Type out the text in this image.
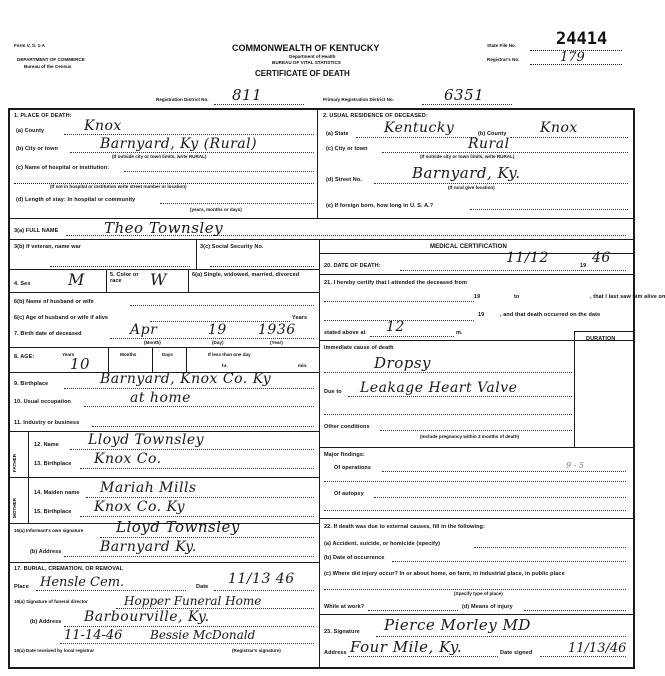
Form V. S. 1-A
DEPARTMENT OF COMMERCE
Bureau of the Census
COMMONWEALTH OF KENTUCKY
Department of Health
BUREAU OF VITAL STATISTICS
CERTIFICATE OF DEATH
State File No. 24414
Registrar's No.	179
Registration District No. 811	Primary Registration District No.	6351
1. PLACE OF DEATH:
(a) County	Knox
(b) City or town	Barnyard, Ky (Rural)
(If outside city or town limits, write RURAL)
(c) Name of hospital or institution:
(If not in hospital or institution write street number or location)
(d) Length of stay: In hospital or community
(years, months or days)
2. USUAL RESIDENCE OF DECEASED:
(a) State	Kentucky	(b) County Knox
(c) City or town	Rural
(If outside city or town limits, write RURAL)
(d) Street No.	Barnyard, Ky.
(If rural give location)
(e) If foreign born, how long in U. S. A.?
3(a) FULL NAME	Theo Townsley
3(b) If veteran, name war	3(c) Social Security No.
4. Sex M	5. Color or race	W	6(a) Single, widowed, married, divorced
6(b) Name of husband or wife
6(c) Age of husband or wife if alive	Years
7. Birth date of deceased	Apr	19 1936
(Month)	(Day)	(Year)
8. AGE:	Years
10
Months	Days	If less than one day
hr.	min.
9. Birthplace	Barnyard, Knox Co. Ky
10. Usual occupation	at home
11. Industry or business
FATHER
12. Name Lloyd Townsley
13. Birthplace Knox Co.
MOTHER
14. Maiden name Mariah Mills
15. Birthplace Knox Co. Ky
16(a) Informant's own signature	Lloyd Townsley
(b) Address	Barnyard Ky.
17. BURIAL, CREMATION, OR REMOVAL
Place Hensle Cem.	Date 11/13 46
18(a) Signature of funeral director	Hopper Funeral Home
(b) Address Barbourville, Ky.
11-14-46 Bessie McDonald
19(a) Date received by local registrar	(Registrar's signature)
MEDICAL CERTIFICATION
20. DATE OF DEATH:	11/12	19 46
21. I hereby certify that I attended the deceased from
19	to	, that I last saw him alive on
19	, and that death occurred on the date
stated above at 12	m.
Immediate cause of death
DURATION
Dropsy
Due to Leakage Heart Valve
Other conditions
(Include pregnancy within 3 months of death)
Major findings:
Of operations	9 - 5
Of autopsy
22. If death was due to external causes, fill in the following:
(a) Accident, suicide, or homicide (specify)
(b) Date of occurrence
(c) Where did injury occur? In or about home, on farm, in industrial place, in public place
(Specify type of place)
While at work?	(d) Means of injury
23. Signature Pierce Morley MD
Address Four Mile, Ky.	Date signed	11/13/46
